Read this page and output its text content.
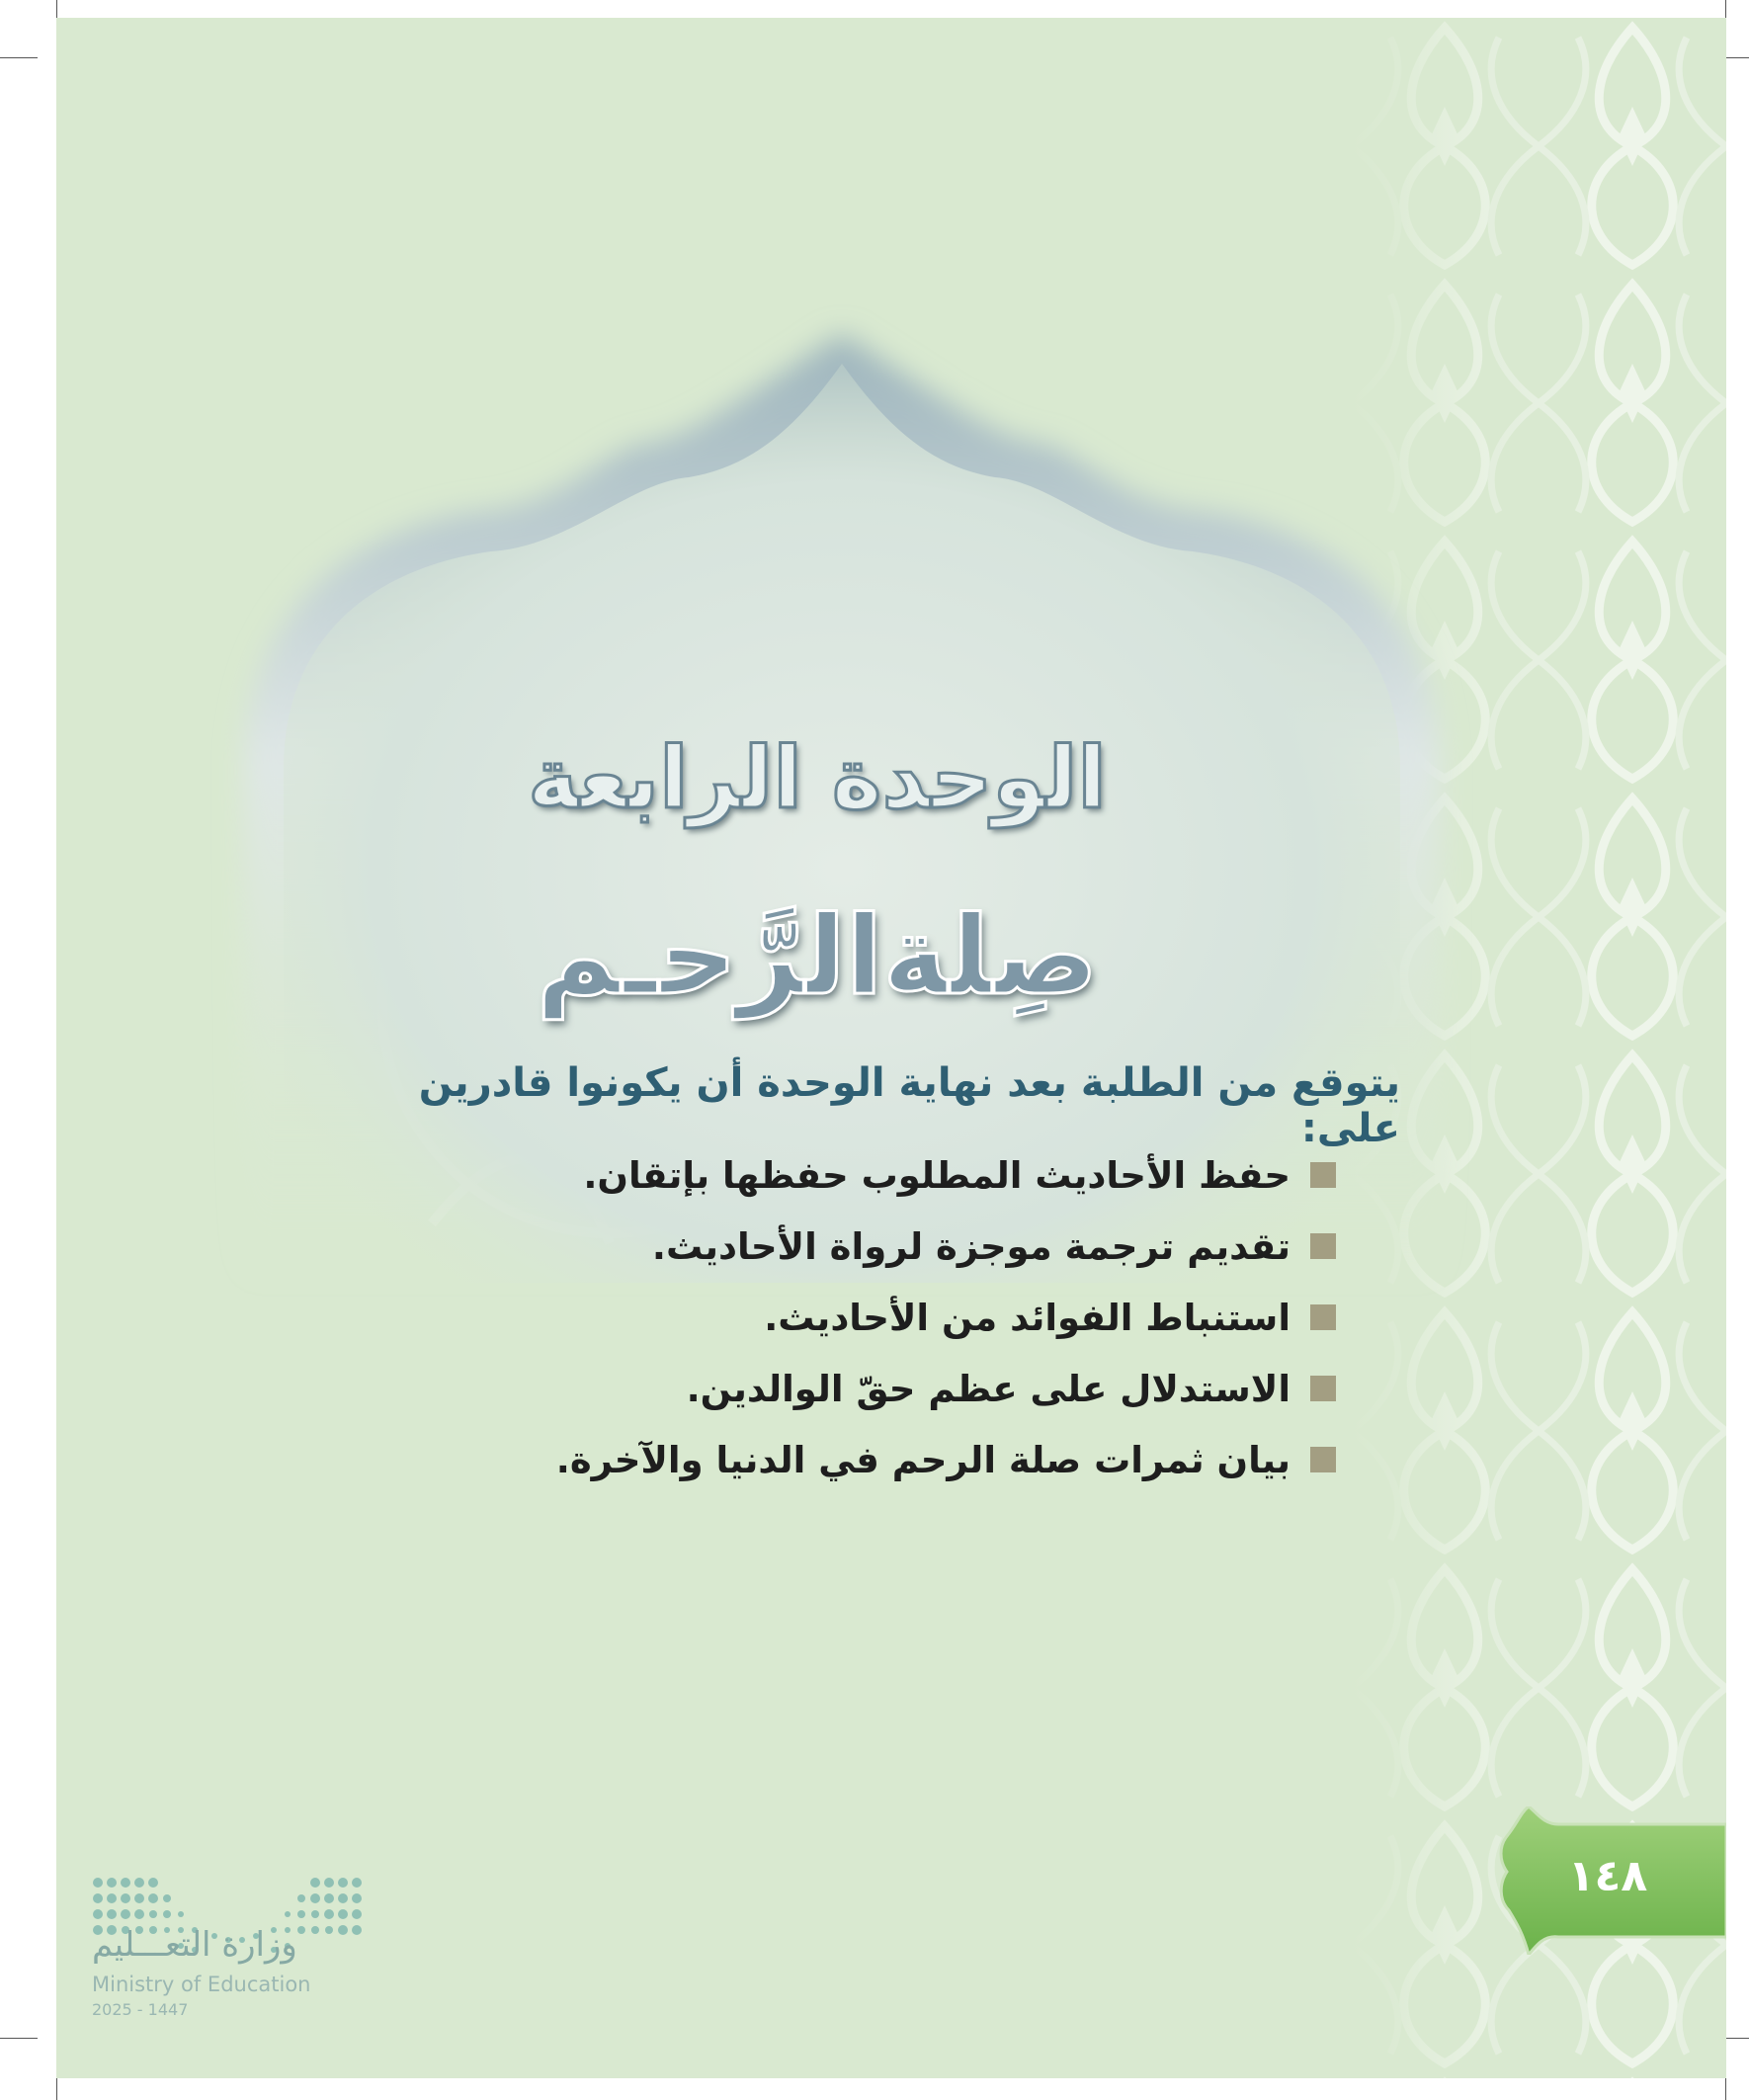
الوحدة الرابعة
صِلةالرَّحـم
يتوقع من الطلبة بعد نهاية الوحدة أن يكونوا قادرين على:
حفظ الأحاديث المطلوب حفظها بإتقان.
تقديم ترجمة موجزة لرواة الأحاديث.
استنباط الفوائد من الأحاديث.
الاستدلال على عظم حقّ الوالدين.
بيان ثمرات صلة الرحم في الدنيا والآخرة.
١٤٨
وزارة التعـــليم
Ministry of Education
2025 - 1447
